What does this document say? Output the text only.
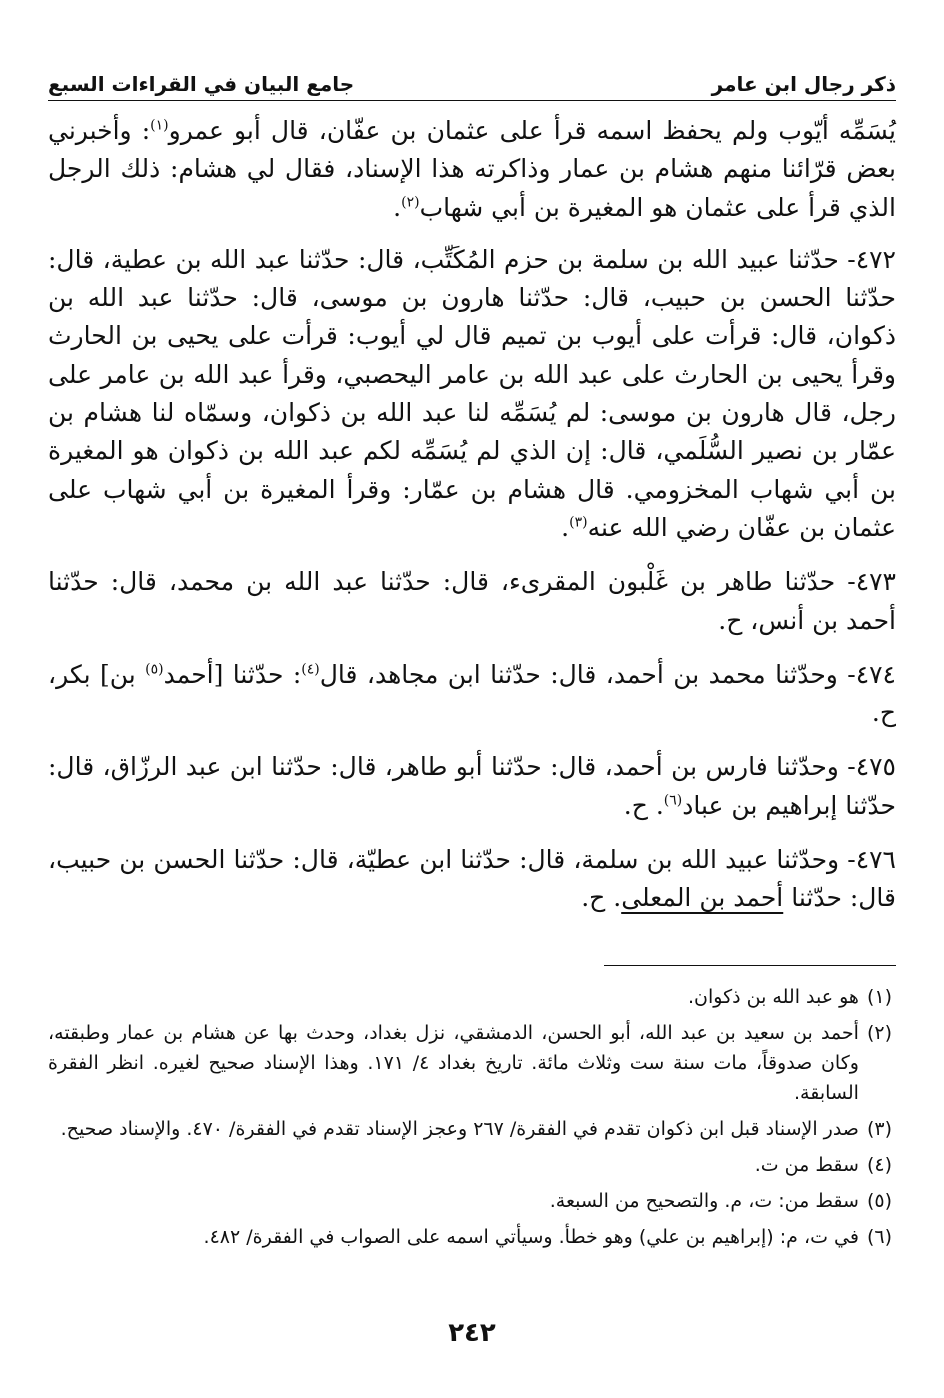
ذكر رجال ابن عامر
جامع البيان في القراءات السبع

يُسَمِّه أيّوب ولم يحفظ اسمه قرأ على عثمان بن عفّان، قال أبو عمرو$^{(١)}$: وأخبرني بعض قرّائنا منهم هشام بن عمار وذاكرته هذا الإسناد، فقال لي هشام: ذلك الرجل الذي قرأ على عثمان هو المغيرة بن أبي شهاب$^{(٢)}$.

٤٧٢- حدّثنا عبيد الله بن سلمة بن حزم المُكَتِّب، قال: حدّثنا عبد الله بن عطية، قال: حدّثنا الحسن بن حبيب، قال: حدّثنا هارون بن موسى، قال: حدّثنا عبد الله بن ذكوان، قال: قرأت على أيوب بن تميم قال لي أيوب: قرأت على يحيى بن الحارث وقرأ يحيى بن الحارث على عبد الله بن عامر اليحصبي، وقرأ عبد الله بن عامر على رجل، قال هارون بن موسى: لم يُسَمِّه لنا عبد الله بن ذكوان، وسمّاه لنا هشام بن عمّار بن نصير السُّلَمي، قال: إن الذي لم يُسَمِّه لكم عبد الله بن ذكوان هو المغيرة بن أبي شهاب المخزومي. قال هشام بن عمّار: وقرأ المغيرة بن أبي شهاب على عثمان بن عفّان رضي الله عنه$^{(٣)}$.

٤٧٣- حدّثنا طاهر بن غَلْبون المقرىء، قال: حدّثنا عبد الله بن محمد، قال: حدّثنا أحمد بن أنس، ح.

٤٧٤- وحدّثنا محمد بن أحمد، قال: حدّثنا ابن مجاهد، قال$^{(٤)}$: حدّثنا [أحمد$^{(٥)}$ بن] بكر، ح.

٤٧٥- وحدّثنا فارس بن أحمد، قال: حدّثنا أبو طاهر، قال: حدّثنا ابن عبد الرزّاق، قال: حدّثنا إبراهيم بن عباد$^{(٦)}$. ح.

٤٧٦- وحدّثنا عبيد الله بن سلمة، قال: حدّثنا ابن عطيّة، قال: حدّثنا الحسن بن حبيب، قال: حدّثنا أحمد بن المعلى. ح.

(١)
هو عبد الله بن ذكوان.
(٢)
أحمد بن سعيد بن عبد الله، أبو الحسن، الدمشقي، نزل بغداد، وحدث بها عن هشام بن عمار وطبقته، وكان صدوقاً، مات سنة ست وثلاث مائة. تاريخ بغداد ٤/ ١٧١. وهذا الإسناد صحيح لغيره. انظر الفقرة السابقة.
(٣)
صدر الإسناد قبل ابن ذكوان تقدم في الفقرة/ ٢٦٧ وعجز الإسناد تقدم في الفقرة/ ٤٧٠. والإسناد صحيح.
(٤)
سقط من ت.
(٥)
سقط من: ت، م. والتصحيح من السبعة.
(٦)
في ت، م: (إبراهيم بن علي) وهو خطأ. وسيأتي اسمه على الصواب في الفقرة/ ٤٨٢.
٢٤٢
